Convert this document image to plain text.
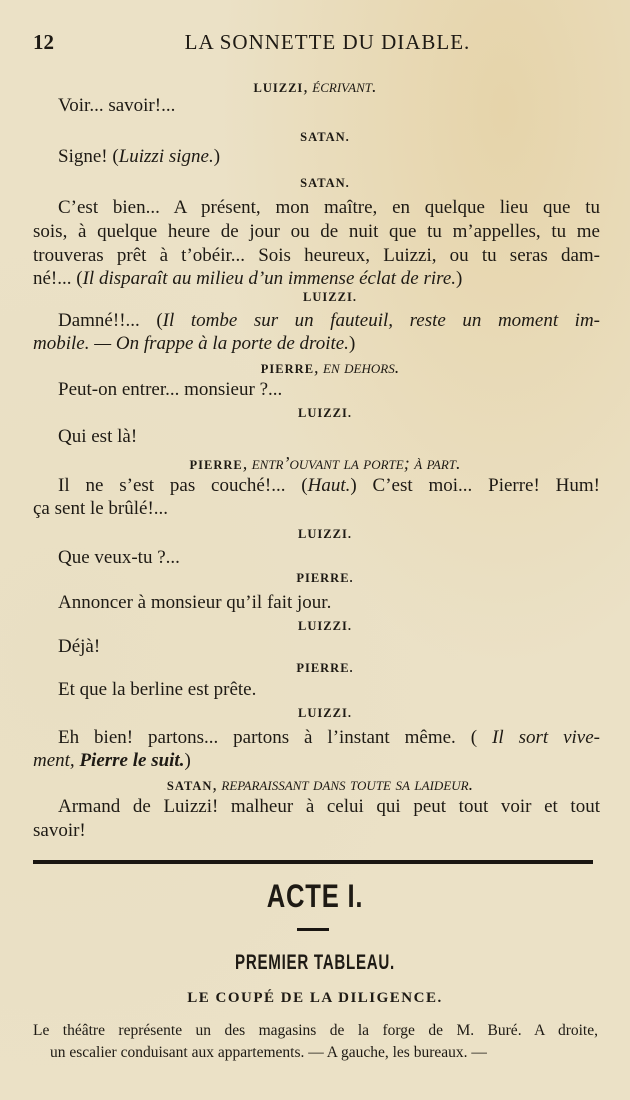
12	LA SONNETTE DU DIABLE.
LUIZZI, écrivant.
Voir... savoir!...
SATAN.
Signe! (Luizzi signe.)
SATAN.
C’est bien... A présent, mon maître, en quelque lieu que tu
sois, à quelque heure de jour ou de nuit que tu m’appelles, tu me
trouveras prêt à t’obéir... Sois heureux, Luizzi, ou tu seras dam-
né!... (Il disparaît au milieu d’un immense éclat de rire.)
LUIZZI.
Damné!!... (Il tombe sur un fauteuil, reste un moment im-
mobile. — On frappe à la porte de droite.)
PIERRE, en dehors.
Peut-on entrer... monsieur ?...
LUIZZI.
Qui est là!
PIERRE, entr’ouvant la porte; à part.
Il ne s’est pas couché!... (Haut.) C’est moi... Pierre! Hum!
ça sent le brûlé!...
LUIZZI.
Que veux-tu ?...
PIERRE.
Annoncer à monsieur qu’il fait jour.
LUIZZI.
Déjà!
PIERRE.
Et que la berline est prête.
LUIZZI.
Eh bien! partons... partons à l’instant même. ( Il sort vive-
ment, Pierre le suit.)
SATAN, reparaissant dans toute sa laideur.
Armand de Luizzi! malheur à celui qui peut tout voir et tout
savoir!
ACTE I.
PREMIER TABLEAU.
LE COUPÉ DE LA DILIGENCE.
Le théâtre représente un des magasins de la forge de M. Buré. A droite,
un escalier conduisant aux appartements. — A gauche, les bureaux. —
